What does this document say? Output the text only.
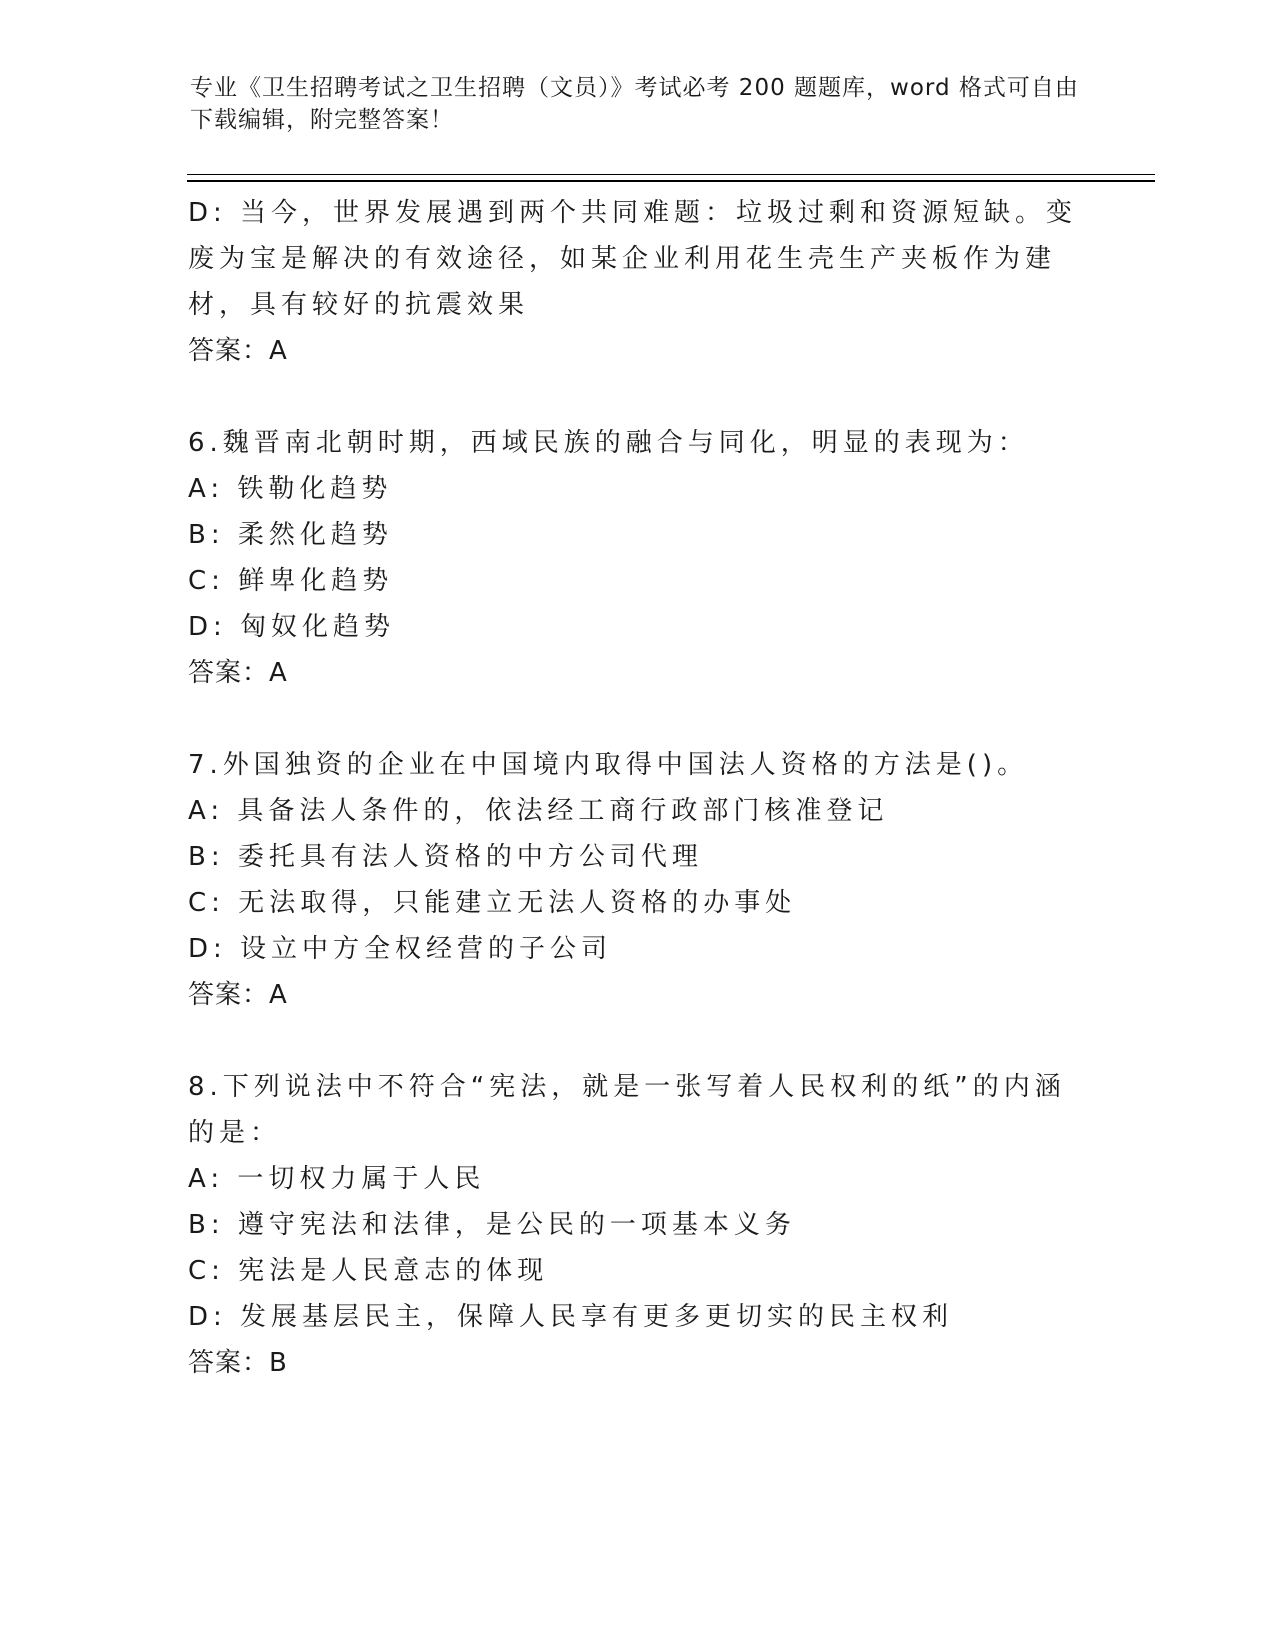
专业《卫生招聘考试之卫生招聘（文员）》考试必考 200 题题库，word 格式可自由下载编辑，附完整答案！
D: 当今，世界发展遇到两个共同难题：垃圾过剩和资源短缺。变废为宝是解决的有效途径，如某企业利用花生壳生产夹板作为建材，具有较好的抗震效果
答案：A
6.魏晋南北朝时期，西域民族的融合与同化，明显的表现为：
A: 铁勒化趋势
B: 柔然化趋势
C: 鲜卑化趋势
D: 匈奴化趋势
答案：A
7.外国独资的企业在中国境内取得中国法人资格的方法是()。
A: 具备法人条件的，依法经工商行政部门核准登记
B: 委托具有法人资格的中方公司代理
C: 无法取得，只能建立无法人资格的办事处
D: 设立中方全权经营的子公司
答案：A
8.下列说法中不符合“宪法，就是一张写着人民权利的纸”的内涵的是：
A: 一切权力属于人民
B: 遵守宪法和法律，是公民的一项基本义务
C: 宪法是人民意志的体现
D: 发展基层民主，保障人民享有更多更切实的民主权利
答案：B
